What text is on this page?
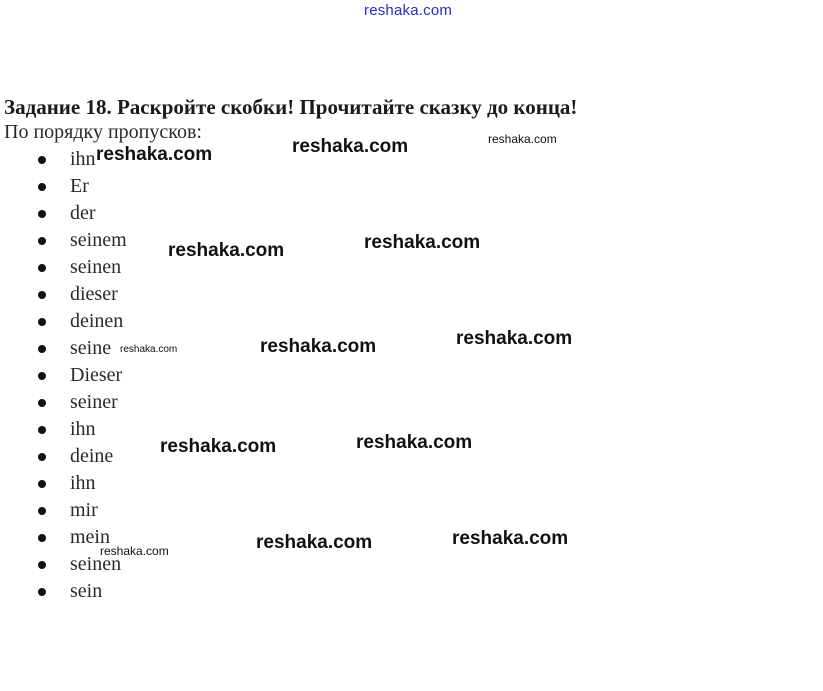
reshaka.com
Задание 18. Раскройте скобки! Прочитайте сказку до конца!
По порядку пропусков:
ihn
Er
der
seinem
seinen
dieser
deinen
seine
Dieser
seiner
ihn
deine
ihn
mir
mein
seinen
sein
reshaka.com	reshaka.com	reshaka.com
reshaka.com	reshaka.com
reshaka.com	reshaka.com	reshaka.com
reshaka.com	reshaka.com
reshaka.com	reshaka.com	reshaka.com
